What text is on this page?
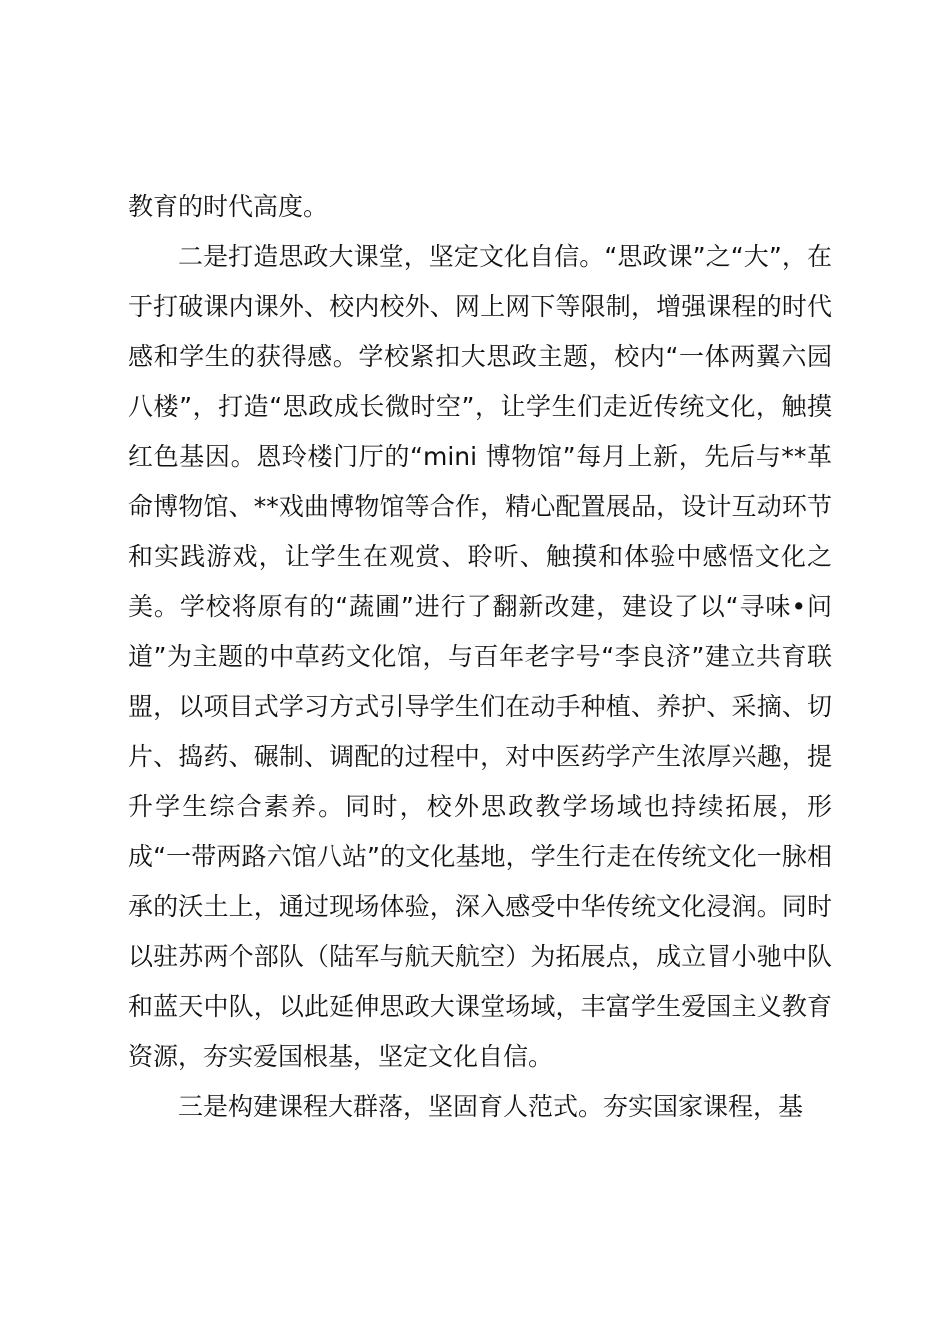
教育的时代高度。

二是打造思政大课堂，坚定文化自信。“思政课”之“大”，在于打破课内课外、校内校外、网上网下等限制，增强课程的时代感和学生的获得感。学校紧扣大思政主题，校内“一体两翼六园八楼”，打造“思政成长微时空”，让学生们走近传统文化，触摸红色基因。恩玲楼门厅的“mini 博物馆”每月上新，先后与**革命博物馆、**戏曲博物馆等合作，精心配置展品，设计互动环节和实践游戏，让学生在观赏、聆听、触摸和体验中感悟文化之美。学校将原有的“蔬圃”进行了翻新改建，建设了以“寻味•问道”为主题的中草药文化馆，与百年老字号“李良济”建立共育联盟，以项目式学习方式引导学生们在动手种植、养护、采摘、切片、捣药、碾制、调配的过程中，对中医药学产生浓厚兴趣，提升学生综合素养。同时，校外思政教学场域也持续拓展，形成“一带两路六馆八站”的文化基地，学生行走在传统文化一脉相承的沃土上，通过现场体验，深入感受中华传统文化浸润。同时以驻苏两个部队（陆军与航天航空）为拓展点，成立冒小驰中队和蓝天中队，以此延伸思政大课堂场域，丰富学生爱国主义教育资源，夯实爱国根基，坚定文化自信。

三是构建课程大群落，坚固育人范式。夯实国家课程，基
